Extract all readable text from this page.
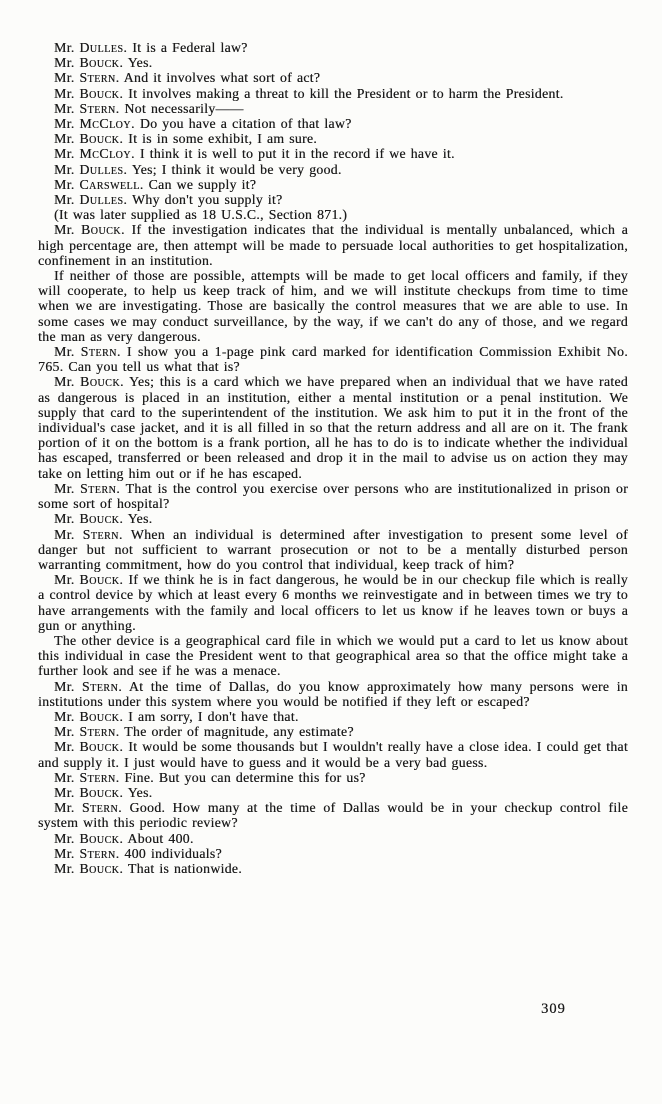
Mr. Dulles. It is a Federal law?

Mr. Bouck. Yes.

Mr. Stern. And it involves what sort of act?

Mr. Bouck. It involves making a threat to kill the President or to harm the President.

Mr. Stern. Not necessarily——

Mr. McCloy. Do you have a citation of that law?

Mr. Bouck. It is in some exhibit, I am sure.

Mr. McCloy. I think it is well to put it in the record if we have it.

Mr. Dulles. Yes; I think it would be very good.

Mr. Carswell. Can we supply it?

Mr. Dulles. Why don't you supply it?

(It was later supplied as 18 U.S.C., Section 871.)

Mr. Bouck. If the investigation indicates that the individual is mentally unbalanced, which a high percentage are, then attempt will be made to persuade local authorities to get hospitalization, confinement in an institution.

If neither of those are possible, attempts will be made to get local officers and family, if they will cooperate, to help us keep track of him, and we will institute checkups from time to time when we are investigating. Those are basically the control measures that we are able to use. In some cases we may conduct surveillance, by the way, if we can't do any of those, and we regard the man as very dangerous.

Mr. Stern. I show you a 1-page pink card marked for identification Commission Exhibit No. 765. Can you tell us what that is?

Mr. Bouck. Yes; this is a card which we have prepared when an individual that we have rated as dangerous is placed in an institution, either a mental institution or a penal institution. We supply that card to the superintendent of the institution. We ask him to put it in the front of the individual's case jacket, and it is all filled in so that the return address and all are on it. The frank portion of it on the bottom is a frank portion, all he has to do is to indicate whether the individual has escaped, transferred or been released and drop it in the mail to advise us on action they may take on letting him out or if he has escaped.

Mr. Stern. That is the control you exercise over persons who are institutionalized in prison or some sort of hospital?

Mr. Bouck. Yes.

Mr. Stern. When an individual is determined after investigation to present some level of danger but not sufficient to warrant prosecution or not to be a mentally disturbed person warranting commitment, how do you control that individual, keep track of him?

Mr. Bouck. If we think he is in fact dangerous, he would be in our checkup file which is really a control device by which at least every 6 months we reinvestigate and in between times we try to have arrangements with the family and local officers to let us know if he leaves town or buys a gun or anything.

The other device is a geographical card file in which we would put a card to let us know about this individual in case the President went to that geographical area so that the office might take a further look and see if he was a menace.

Mr. Stern. At the time of Dallas, do you know approximately how many persons were in institutions under this system where you would be notified if they left or escaped?

Mr. Bouck. I am sorry, I don't have that.

Mr. Stern. The order of magnitude, any estimate?

Mr. Bouck. It would be some thousands but I wouldn't really have a close idea. I could get that and supply it. I just would have to guess and it would be a very bad guess.

Mr. Stern. Fine. But you can determine this for us?

Mr. Bouck. Yes.

Mr. Stern. Good. How many at the time of Dallas would be in your checkup control file system with this periodic review?

Mr. Bouck. About 400.

Mr. Stern. 400 individuals?

Mr. Bouck. That is nationwide.

309
